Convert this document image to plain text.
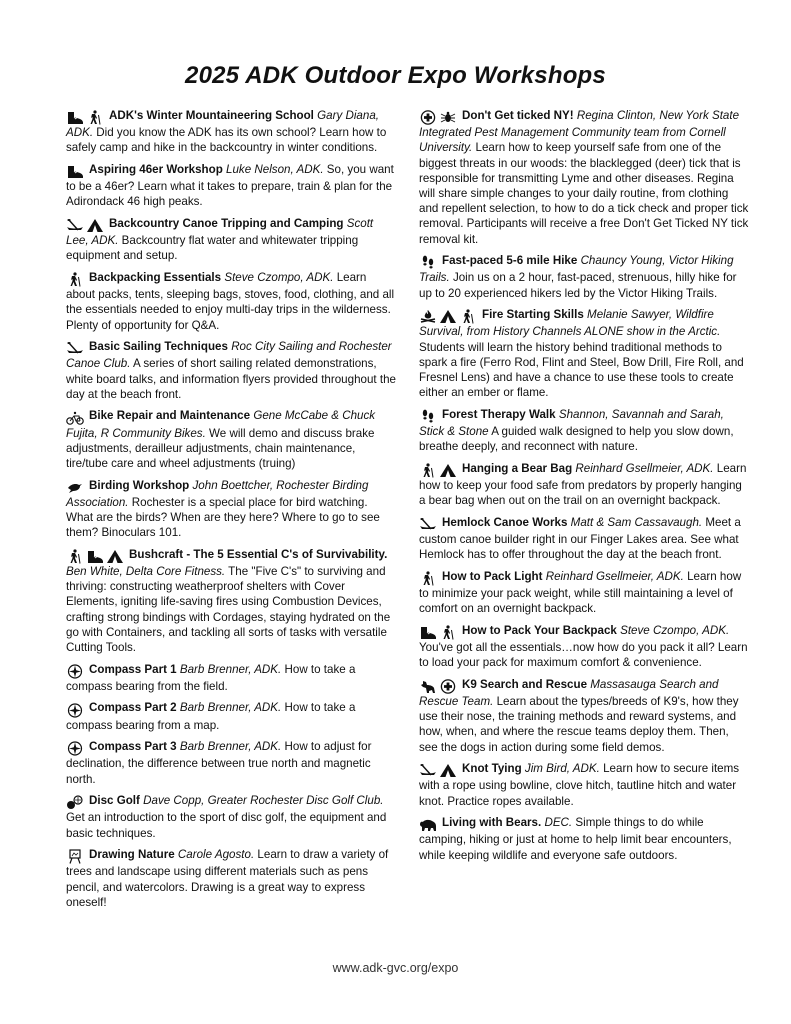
2025 ADK Outdoor Expo Workshops

ADK's Winter Mountaineering School Gary Diana, ADK. Did you know the ADK has its own school? Learn how to safely camp and hike in the backcountry in winter conditions.

Aspiring 46er Workshop Luke Nelson, ADK. So, you want to be a 46er? Learn what it takes to prepare, train & plan for the Adirondack 46 high peaks.

Backcountry Canoe Tripping and Camping Scott Lee, ADK. Backcountry flat water and whitewater tripping equipment and setup.

Backpacking Essentials Steve Czompo, ADK. Learn about packs, tents, sleeping bags, stoves, food, clothing, and all the essentials needed to enjoy multi-day trips in the wilderness. Plenty of opportunity for Q&A.

Basic Sailing Techniques Roc City Sailing and Rochester Canoe Club. A series of short sailing related demonstrations, white board talks, and information flyers provided throughout the day at the beach front.

Bike Repair and Maintenance Gene McCabe & Chuck Fujita, R Community Bikes. We will demo and discuss brake adjustments, derailleur adjustments, chain maintenance, tire/tube care and wheel adjustments (truing)

Birding Workshop John Boettcher, Rochester Birding Association. Rochester is a special place for bird watching. What are the birds? When are they here? Where to go to see them? Binoculars 101.

Bushcraft - The 5 Essential C's of Survivability. Ben White, Delta Core Fitness. The "Five C's" to surviving and thriving: constructing weatherproof shelters with Cover Elements, igniting life-saving fires using Combustion Devices, crafting strong bindings with Cordages, staying hydrated on the go with Containers, and tackling all sorts of tasks with versatile Cutting Tools.

Compass Part 1 Barb Brenner, ADK. How to take a compass bearing from the field.

Compass Part 2 Barb Brenner, ADK. How to take a compass bearing from a map.

Compass Part 3 Barb Brenner, ADK. How to adjust for declination, the difference between true north and magnetic north.

Disc Golf Dave Copp, Greater Rochester Disc Golf Club. Get an introduction to the sport of disc golf, the equipment and basic techniques.

Drawing Nature Carole Agosto. Learn to draw a variety of trees and landscape using different materials such as pens pencil, and watercolors. Drawing is a great way to express oneself!

Don't Get ticked NY! Regina Clinton, New York State Integrated Pest Management Community team from Cornell University. Learn how to keep yourself safe from one of the biggest threats in our woods: the blacklegged (deer) tick that is responsible for transmitting Lyme and other diseases. Regina will share simple changes to your daily routine, from clothing and repellent selection, to how to do a tick check and proper tick removal. Participants will receive a free Don't Get Ticked NY tick removal kit.

Fast-paced 5-6 mile Hike Chauncy Young, Victor Hiking Trails. Join us on a 2 hour, fast-paced, strenuous, hilly hike for up to 20 experienced hikers led by the Victor Hiking Trails.

Fire Starting Skills Melanie Sawyer, Wildfire Survival, from History Channels ALONE show in the Arctic. Students will learn the history behind traditional methods to spark a fire (Ferro Rod, Flint and Steel, Bow Drill, Fire Roll, and Fresnel Lens) and have a chance to use these tools to create either an ember or flame.

Forest Therapy Walk Shannon, Savannah and Sarah, Stick & Stone A guided walk designed to help you slow down, breathe deeply, and reconnect with nature.

Hanging a Bear Bag Reinhard Gsellmeier, ADK. Learn how to keep your food safe from predators by properly hanging a bear bag when out on the trail on an overnight backpack.

Hemlock Canoe Works Matt & Sam Cassavaugh. Meet a custom canoe builder right in our Finger Lakes area. See what Hemlock has to offer throughout the day at the beach front.

How to Pack Light Reinhard Gsellmeier, ADK. Learn how to minimize your pack weight, while still maintaining a level of comfort on an overnight backpack.

How to Pack Your Backpack Steve Czompo, ADK. You've got all the essentials…now how do you pack it all? Learn to load your pack for maximum comfort & convenience.

K9 Search and Rescue Massasauga Search and Rescue Team. Learn about the types/breeds of K9's, how they use their nose, the training methods and reward systems, and how, when, and where the rescue teams deploy them. Then, see the dogs in action during some field demos.

Knot Tying Jim Bird, ADK. Learn how to secure items with a rope using bowline, clove hitch, tautline hitch and water knot. Practice ropes available.

Living with Bears. DEC. Simple things to do while camping, hiking or just at home to help limit bear encounters, while keeping wildlife and everyone safe outdoors.

www.adk-gvc.org/expo
